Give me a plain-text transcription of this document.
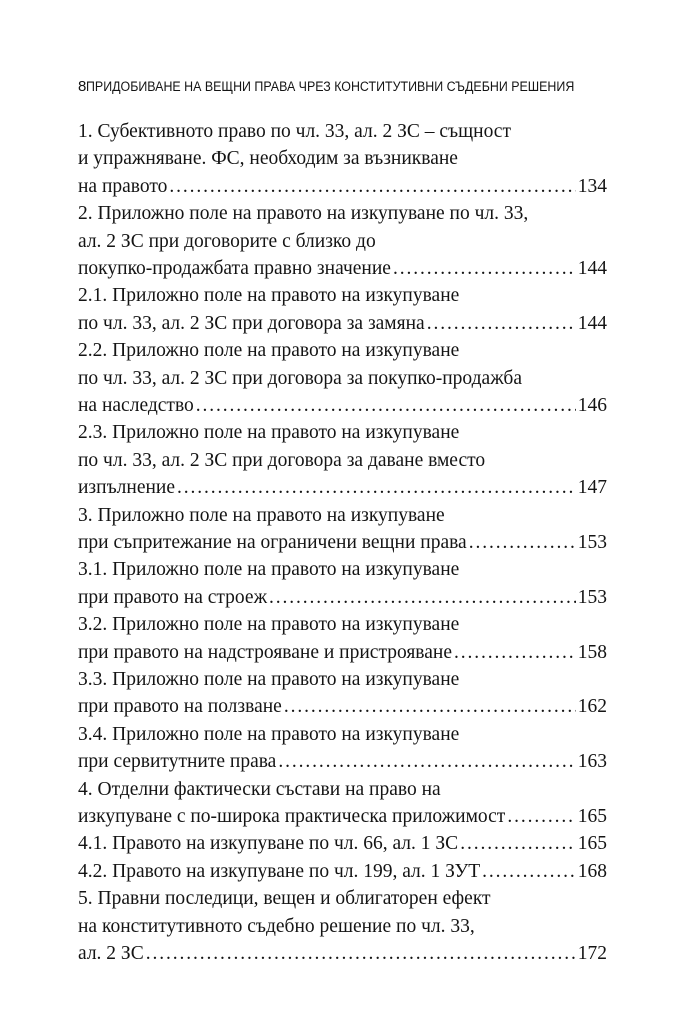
8 ПРИДОБИВАНЕ НА ВЕЩНИ ПРАВА ЧРЕЗ КОНСТИТУТИВНИ СЪДЕБНИ РЕШЕНИЯ
1. Субективното право по чл. 33, ал. 2 ЗС – същност
и упражняване. ФС, необходим за възникване
на правото . . .	134
2. Приложно поле на правото на изкупуване по чл. 33,
ал. 2 ЗС при договорите с близко до
покупко-продажбата правно значение . . .	144
2.1. Приложно поле на правото на изкупуване
по чл. 33, ал. 2 ЗС при договора за замяна . . .	144
2.2. Приложно поле на правото на изкупуване
по чл. 33, ал. 2 ЗС при договора за покупко-продажба
на наследство . . .	146
2.3. Приложно поле на правото на изкупуване
по чл. 33, ал. 2 ЗС при договора за даване вместо
изпълнение . . .	147
3. Приложно поле на правото на изкупуване
при съпритежание на ограничени вещни права . . .	153
3.1. Приложно поле на правото на изкупуване
при правото на строеж . . .	153
3.2. Приложно поле на правото на изкупуване
при правото на надстрояване и пристрояване . . .	158
3.3. Приложно поле на правото на изкупуване
при правото на ползване . . .	162
3.4. Приложно поле на правото на изкупуване
при сервитутните права . . .	163
4. Отделни фактически състави на право на
изкупуване с по-широка практическа приложимост . . .	165
4.1. Правото на изкупуване по чл. 66, ал. 1 ЗС . . .	165
4.2. Правото на изкупуване по чл. 199, ал. 1 ЗУТ . . .	168
5. Правни последици, вещен и облигаторен ефект
на конститутивното съдебно решение по чл. 33,
ал. 2 ЗС . . .	172
